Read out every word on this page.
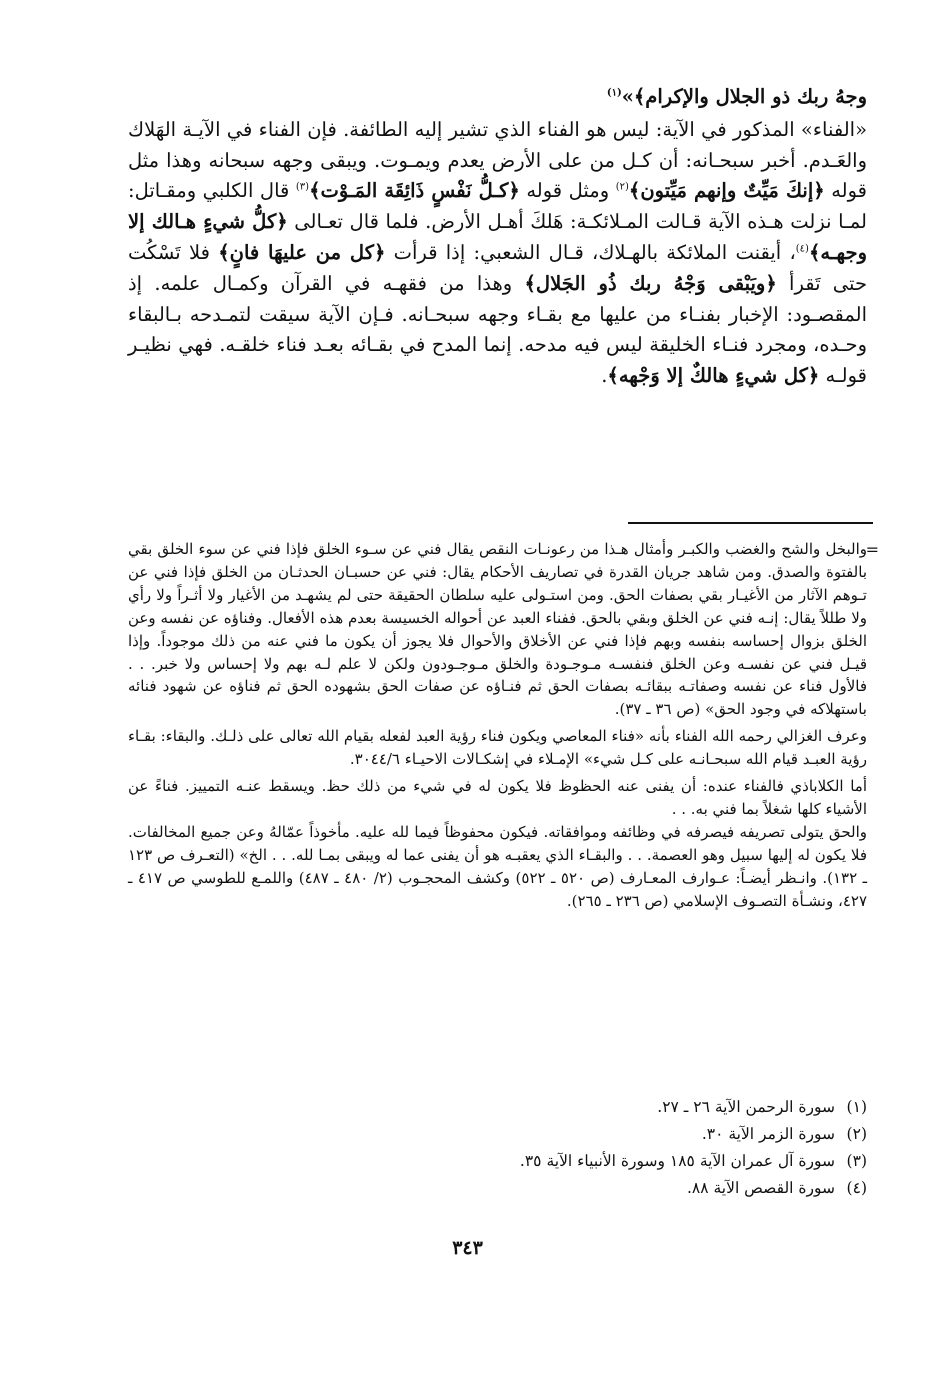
وجهُ ربك ذو الجلال والإكرام﴾»$^{(١)}$

«الفناء» المذكور في الآية: ليس هو الفناء الذي تشير إليه الطائفة. فإن الفناء في الآيـة الهَلاك والعَـدم. أخبر سبحـانه: أن كـل من على الأرض يعدم ويمـوت. ويبقى وجهه سبحانه وهذا مثل قوله ﴿إنكَ مَيِّتٌ وإنهم مَيِّتون﴾$^{(٢)}$ ومثل قوله ﴿كـلُّ نَفْسٍ ذَائِقَة المَـوْت﴾$^{(٣)}$ قال الكلبي ومقـاتل: لمـا نزلت هـذه الآية قـالت المـلائكـة: هَلكَ أهـل الأرض. فلما قال تعـالى ﴿كلُّ شيءٍ هـالك إلا وجهـه﴾$^{(٤)}$، أيقنت الملائكة بالهـلاك، قـال الشعبي: إذا قرأت ﴿كل من عليهَا فانٍ﴾ فلا تَسْكُت حتى تَقرأ ﴿ويَبْقى وَجْهُ ربك ذُو الجَلال﴾ وهذا من فقهـه في القرآن وكمـال علمه. إذ المقصـود: الإخبار بفنـاء من عليها مع بقـاء وجهه سبحـانه. فـإن الآية سيقت لتمـدحه بـالبقاء وحـده، ومجرد فنـاء الخليقة ليس فيه مدحه. إنما المدح في بقـائه بعـد فناء خلقـه. فهي نظيـر قولـه ﴿كل شيءٍ هالكٌ إلا وَجْهه﴾.

=

والبخل والشح والغضب والكبـر وأمثال هـذا من رعونـات النقص يقال فني عن سـوء الخلق فإذا فني عن سوء الخلق بقي بالفتوة والصدق. ومن شاهد جريان القدرة في تصاريف الأحكام يقال: فني عن حسبـان الحدثـان من الخلق فإذا فني عن تـوهم الآثار من الأغيـار بقي بصفات الحق. ومن استـولى عليه سلطان الحقيقة حتى لم يشهـد من الأغيار ولا أثـراً ولا رأي ولا طللاً يقال: إنـه فني عن الخلق وبقي بالحق. ففناء العبد عن أحواله الخسيسة بعدم هذه الأفعال. وفناؤه عن نفسه وعن الخلق بزوال إحساسه بنفسه وبهم فإذا فني عن الأخلاق والأحوال فلا يجوز أن يكون ما فني عنه من ذلك موجوداً. وإذا قيـل فني عن نفسـه وعن الخلق فنفسـه مـوجـودة والخلق مـوجـودون ولكن لا علم لـه بهم ولا إحساس ولا خبر. . . فالأول فناء عن نفسه وصفاتـه ببقائـه بصفات الحق ثم فنـاؤه عن صفات الحق بشهوده الحق ثم فناؤه عن شهود فنائه باستهلاكه في وجود الحق» (ص ٣٦ ـ ٣٧).

وعرف الغزالي رحمه الله الفناء بأنه «فناء المعاصي ويكون فناء رؤية العبد لفعله بقيام الله تعالى على ذلـك. والبقاء: بقـاء رؤية العبـد قيام الله سبحـانـه على كـل شيء» الإمـلاء في إشكـالات الاحيـاء ٣٠٤٤/٦.

أما الكلاباذي فالفناء عنده: أن يفنى عنه الحظوظ فلا يكون له في شيء من ذلك حظ. ويسقط عنـه التمييز. فناءً عن الأشياء كلها شغلاً بما فني به. . .

والحق يتولى تصريفه فيصرفه في وظائفه وموافقاته. فيكون محفوظاً فيما لله عليه. مأخوذاً عمّالهُ وعن جميع المخالفات. فلا يكون له إليها سبيل وهو العصمة. . . والبقـاء الذي يعقبـه هو أن يفنى عما له ويبقى بمـا لله. . . الخ» (التعـرف ص ١٢٣ ـ ١٣٢). وانـظر أيضـاً: عـوارف المعـارف (ص ٥٢٠ ـ ٥٢٢) وكشف المحجـوب (٢/ ٤٨٠ ـ ٤٨٧) واللمـع للطوسي ص ٤١٧ ـ ٤٢٧، ونشـأة التصـوف الإسلامي (ص ٢٣٦ ـ ٢٦٥).

(١)سورة الرحمن الآية ٢٦ ـ ٢٧.
(٢)سورة الزمر الآية ٣٠.
(٣)سورة آل عمران الآية ١٨٥ وسورة الأنبياء الآية ٣٥.
(٤)سورة القصص الآية ٨٨.
٣٤٣
